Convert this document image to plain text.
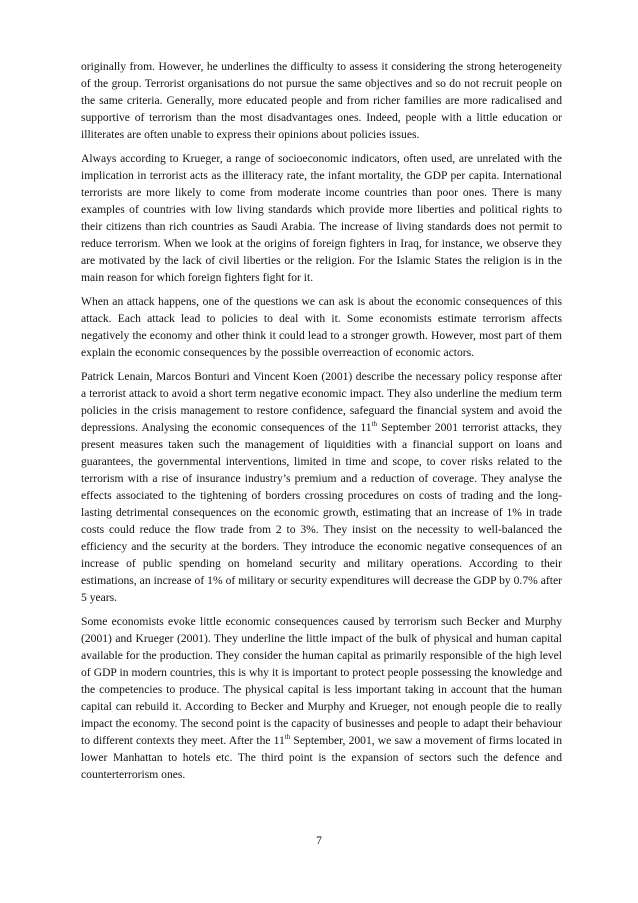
originally from. However, he underlines the difficulty to assess it considering the strong heterogeneity of the group. Terrorist organisations do not pursue the same objectives and so do not recruit people on the same criteria. Generally, more educated people and from richer families are more radicalised and supportive of terrorism than the most disadvantages ones. Indeed, people with a little education or illiterates are often unable to express their opinions about policies issues.

Always according to Krueger, a range of socioeconomic indicators, often used, are unrelated with the implication in terrorist acts as the illiteracy rate, the infant mortality, the GDP per capita. International terrorists are more likely to come from moderate income countries than poor ones. There is many examples of countries with low living standards which provide more liberties and political rights to their citizens than rich countries as Saudi Arabia. The increase of living standards does not permit to reduce terrorism. When we look at the origins of foreign fighters in Iraq, for instance, we observe they are motivated by the lack of civil liberties or the religion. For the Islamic States the religion is in the main reason for which foreign fighters fight for it.

When an attack happens, one of the questions we can ask is about the economic consequences of this attack. Each attack lead to policies to deal with it. Some economists estimate terrorism affects negatively the economy and other think it could lead to a stronger growth. However, most part of them explain the economic consequences by the possible overreaction of economic actors.

Patrick Lenain, Marcos Bonturi and Vincent Koen (2001) describe the necessary policy response after a terrorist attack to avoid a short term negative economic impact. They also underline the medium term policies in the crisis management to restore confidence, safeguard the financial system and avoid the depressions. Analysing the economic consequences of the 11th September 2001 terrorist attacks, they present measures taken such the management of liquidities with a financial support on loans and guarantees, the governmental interventions, limited in time and scope, to cover risks related to the terrorism with a rise of insurance industry’s premium and a reduction of coverage. They analyse the effects associated to the tightening of borders crossing procedures on costs of trading and the long-lasting detrimental consequences on the economic growth, estimating that an increase of 1% in trade costs could reduce the flow trade from 2 to 3%. They insist on the necessity to well-balanced the efficiency and the security at the borders. They introduce the economic negative consequences of an increase of public spending on homeland security and military operations. According to their estimations, an increase of 1% of military or security expenditures will decrease the GDP by 0.7% after 5 years.

Some economists evoke little economic consequences caused by terrorism such Becker and Murphy (2001) and Krueger (2001). They underline the little impact of the bulk of physical and human capital available for the production. They consider the human capital as primarily responsible of the high level of GDP in modern countries, this is why it is important to protect people possessing the knowledge and the competencies to produce. The physical capital is less important taking in account that the human capital can rebuild it. According to Becker and Murphy and Krueger, not enough people die to really impact the economy. The second point is the capacity of businesses and people to adapt their behaviour to different contexts they meet. After the 11th September, 2001, we saw a movement of firms located in lower Manhattan to hotels etc. The third point is the expansion of sectors such the defence and counterterrorism ones.

7
